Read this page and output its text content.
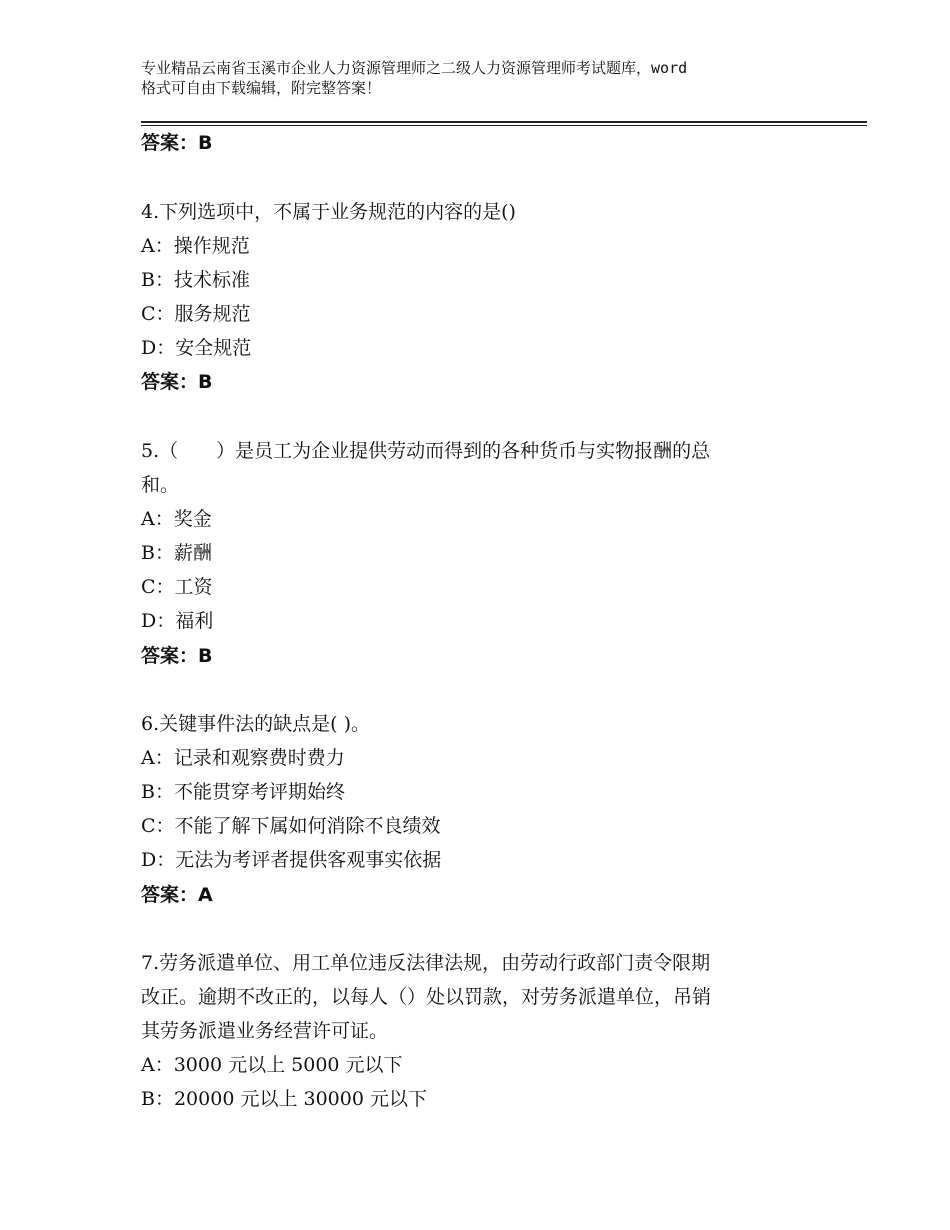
专业精品云南省玉溪市企业人力资源管理师之二级人力资源管理师考试题库，word
格式可自由下载编辑，附完整答案！
答案：B
4.下列选项中，不属于业务规范的内容的是()
A：操作规范
B：技术标准
C：服务规范
D：安全规范
答案：B
5.（　　）是员工为企业提供劳动而得到的各种货币与实物报酬的总
和。
A：奖金
B：薪酬
C：工资
D：福利
答案：B
6.关键事件法的缺点是( )。
A：记录和观察费时费力
B：不能贯穿考评期始终
C：不能了解下属如何消除不良绩效
D：无法为考评者提供客观事实依据
答案：A
7.劳务派遣单位、用工单位违反法律法规，由劳动行政部门责令限期
改正。逾期不改正的，以每人（）处以罚款，对劳务派遣单位，吊销
其劳务派遣业务经营许可证。
A：3000 元以上 5000 元以下
B：20000 元以上 30000 元以下
